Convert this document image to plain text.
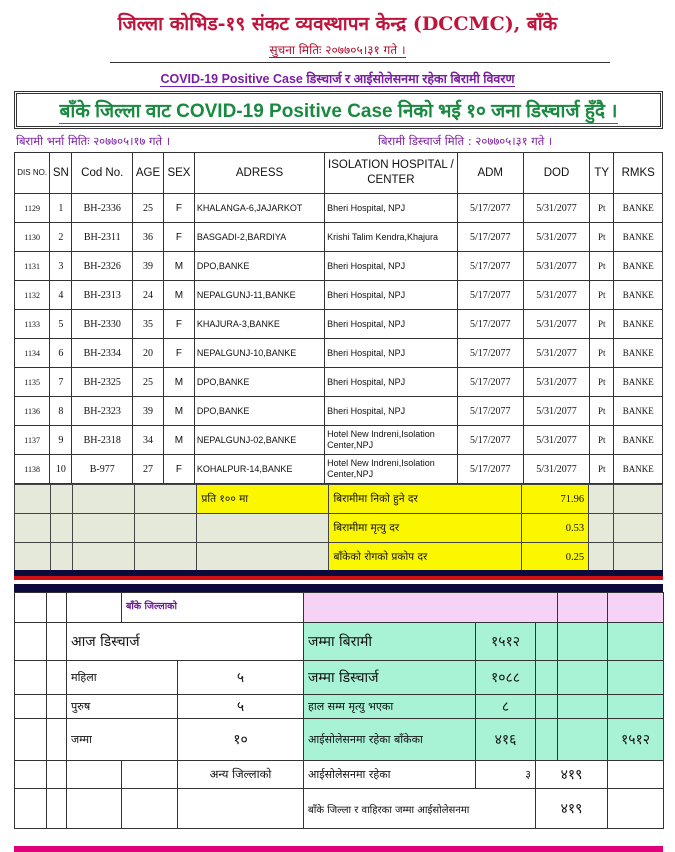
जिल्ला कोभिड-१९ संकट व्यवस्थापन केन्द्र (DCCMC), बाँके
सुचना मितिः २०७७०५।३१ गते ।
COVID-19 Positive Case डिस्चार्ज र आईसोलेसनमा रहेका बिरामी विवरण
बाँके जिल्ला वाट COVID-19 Positive Case निको भई १० जना डिस्चार्ज हुँदै ।
बिरामी भर्ना मितिः २०७७०५।१७ गते ।	बिरामी डिस्चार्ज मिति : २०७७०५।३१ गते ।
DIS NO.	SN	Cod No.	AGE	SEX	ADRESS	ISOLATION HOSPITAL / CENTER	ADM	DOD	TY	RMKS
1129	1	BH-2336	25	F	KHALANGA-6,JAJARKOT	Bheri Hospital, NPJ	5/17/2077	5/31/2077	Pt	BANKE
1130	2	BH-2311	36	F	BASGADI-2,BARDIYA	Krishi Talim Kendra,Khajura	5/17/2077	5/31/2077	Pt	BANKE
1131	3	BH-2326	39	M	DPO,BANKE	Bheri Hospital, NPJ	5/17/2077	5/31/2077	Pt	BANKE
1132	4	BH-2313	24	M	NEPALGUNJ-11,BANKE	Bheri Hospital, NPJ	5/17/2077	5/31/2077	Pt	BANKE
1133	5	BH-2330	35	F	KHAJURA-3,BANKE	Bheri Hospital, NPJ	5/17/2077	5/31/2077	Pt	BANKE
1134	6	BH-2334	20	F	NEPALGUNJ-10,BANKE	Bheri Hospital, NPJ	5/17/2077	5/31/2077	Pt	BANKE
1135	7	BH-2325	25	M	DPO,BANKE	Bheri Hospital, NPJ	5/17/2077	5/31/2077	Pt	BANKE
1136	8	BH-2323	39	M	DPO,BANKE	Bheri Hospital, NPJ	5/17/2077	5/31/2077	Pt	BANKE
1137	9	BH-2318	34	M	NEPALGUNJ-02,BANKE	Hotel New Indreni,Isolation Center,NPJ	5/17/2077	5/31/2077	Pt	BANKE
1138	10	B-977	27	F	KOHALPUR-14,BANKE	Hotel New Indreni,Isolation Center,NPJ	5/17/2077	5/31/2077	Pt	BANKE
				प्रति १०० मा	बिरामीमा निको हुने दर	71.96		
					बिरामीमा मृत्यु दर	0.53		
					बाँकेको रोगको प्रकोप दर	0.25		
			बाँके जिल्लाको						
		आज डिस्चार्ज			जम्मा बिरामी	१५१२			
		महिला		५	जम्मा डिस्चार्ज	१०८८			
		पुरुष		५	हाल सम्म मृत्यु भएका	८			
		जम्मा		१०	आईसोलेसनमा रहेका बाँकेका	४१६			१५१२
				अन्य जिल्लाको	आईसोलेसनमा रहेका	३	४१९		
					बाँके जिल्ला र वाहिरका जम्मा आईसोलेसनमा		४१९		
